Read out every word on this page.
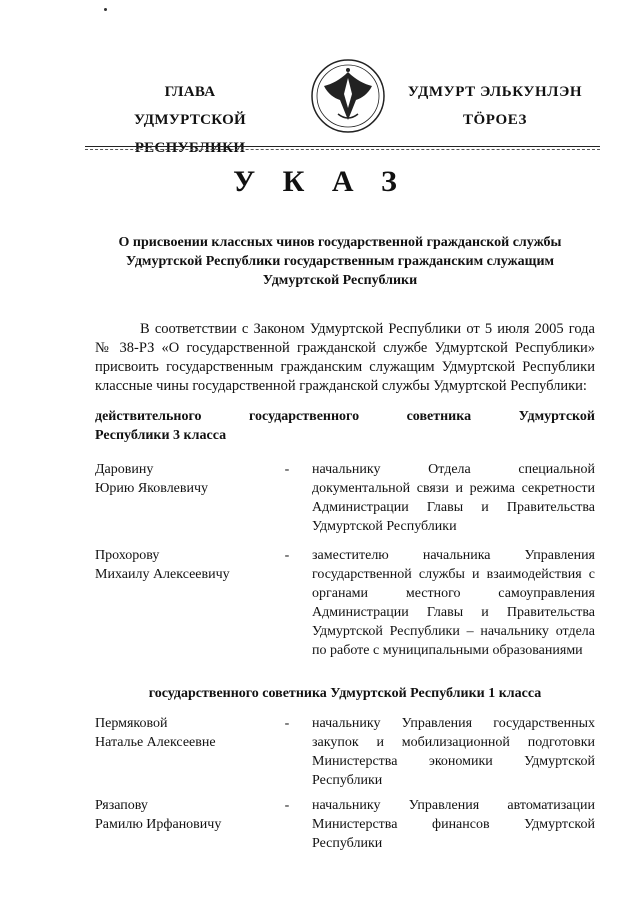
ГЛАВА
УДМУРТСКОЙ РЕСПУБЛИКИ
УДМУРТ ЭЛЬКУНЛЭН
ТӦРОЕЗ
У К А З
О присвоении классных чинов государственной гражданской службы Удмуртской Республики государственным гражданским служащим Удмуртской Республики
В соответствии с Законом Удмуртской Республики от 5 июля 2005 года № 38-РЗ «О государственной гражданской службе Удмуртской Республики» присвоить государственным гражданским служащим Удмуртской Республики классные чины государственной гражданской службы Удмуртской Республики:
действительного государственного советника Удмуртской
Республики 3 класса
Даровину
Юрию Яковлевичу
- начальнику Отдела специальной документальной связи и режима секретности Администрации Главы и Правительства Удмуртской Республики
Прохорову
Михаилу Алексеевичу
- заместителю начальника Управления государственной службы и взаимодействия с органами местного самоуправления Администрации Главы и Правительства Удмуртской Республики – начальнику отдела по работе с муниципальными образованиями
государственного советника Удмуртской Республики 1 класса
Пермяковой
Наталье Алексеевне
- начальнику Управления государственных закупок и мобилизационной подготовки Министерства экономики Удмуртской Республики
Рязапову
Рамилю Ирфановичу
- начальнику Управления автоматизации Министерства финансов Удмуртской Республики
